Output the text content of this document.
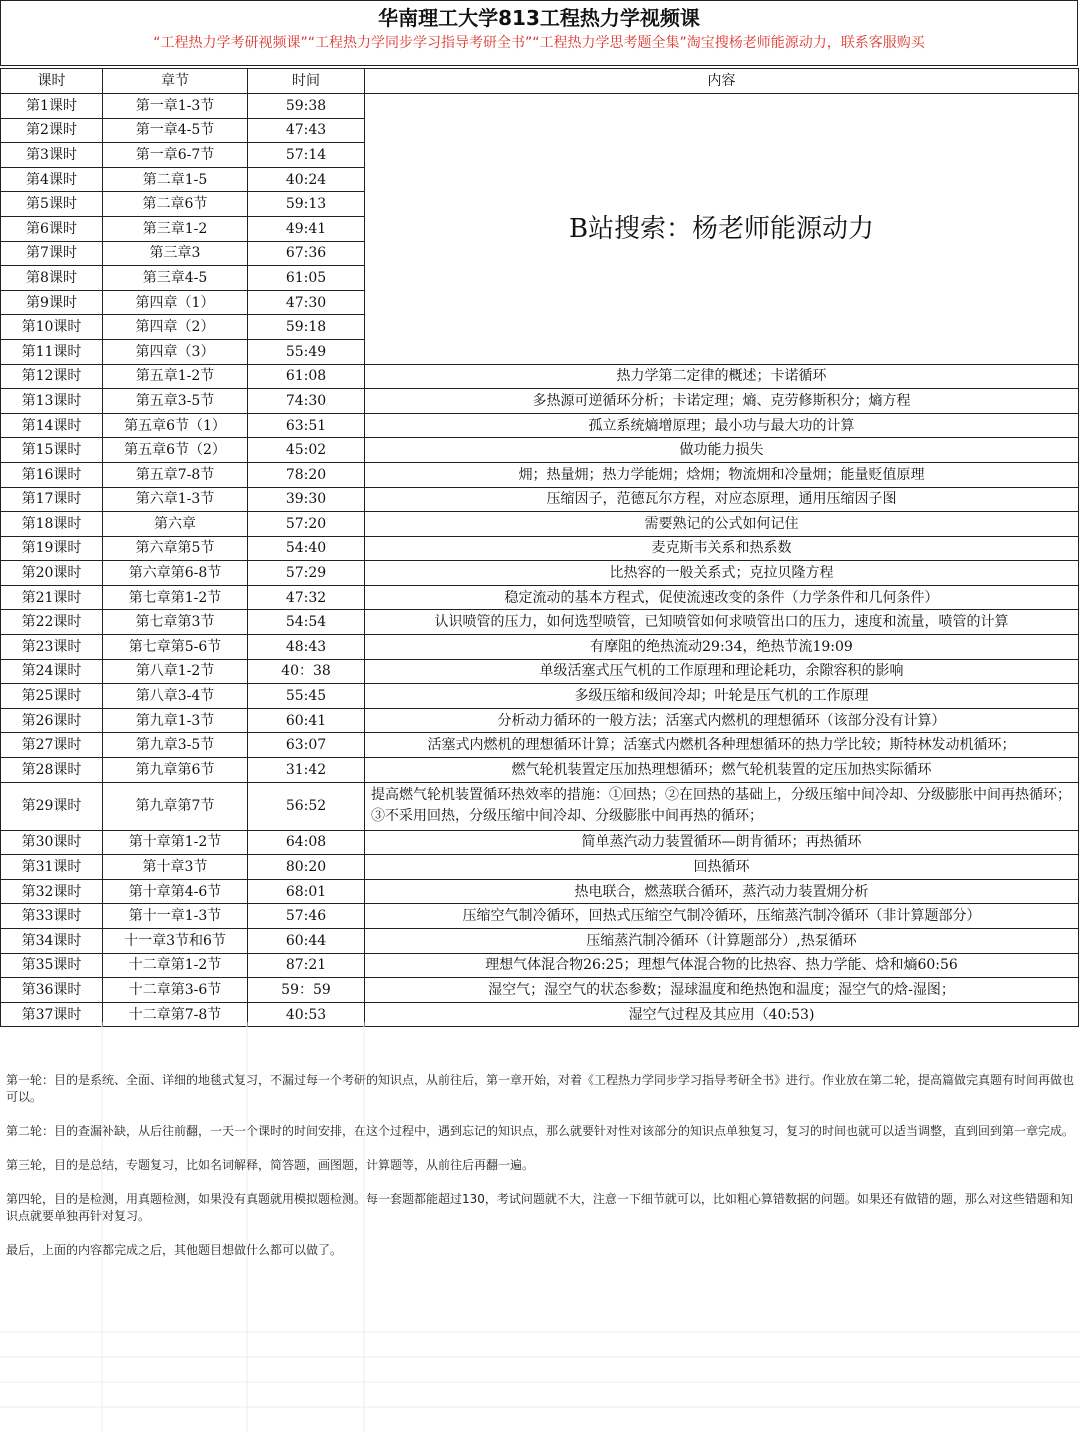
华南理工大学813工程热力学视频课
“工程热力学考研视频课”“工程热力学同步学习指导考研全书”“工程热力学思考题全集”淘宝搜杨老师能源动力，联系客服购买
课时	章节	时间	内容
第1课时	第一章1-3节	59:38	B站搜索：杨老师能源动力
第2课时	第一章4-5节	47:43	
第3课时	第一章6-7节	57:14	
第4课时	第二章1-5	40:24	
第5课时	第二章6节	59:13	
第6课时	第三章1-2	49:41	
第7课时	第三章3	67:36	
第8课时	第三章4-5	61:05	
第9课时	第四章（1）	47:30	
第10课时	第四章（2）	59:18	
第11课时	第四章（3）	55:49	
第12课时	第五章1-2节	61:08	热力学第二定律的概述；卡诺循环
第13课时	第五章3-5节	74:30	多热源可逆循环分析；卡诺定理；熵、克劳修斯积分；熵方程
第14课时	第五章6节（1）	63:51	孤立系统熵增原理；最小功与最大功的计算
第15课时	第五章6节（2）	45:02	做功能力损失
第16课时	第五章7-8节	78:20	㶲；热量㶲；热力学能㶲；焓㶲；物流㶲和冷量㶲；能量贬值原理
第17课时	第六章1-3节	39:30	压缩因子，范德瓦尔方程，对应态原理，通用压缩因子图
第18课时	第六章	57:20	需要熟记的公式如何记住
第19课时	第六章第5节	54:40	麦克斯韦关系和热系数
第20课时	第六章第6-8节	57:29	比热容的一般关系式；克拉贝隆方程
第21课时	第七章第1-2节	47:32	稳定流动的基本方程式，促使流速改变的条件（力学条件和几何条件）
第22课时	第七章第3节	54:54	认识喷管的压力，如何选型喷管，已知喷管如何求喷管出口的压力，速度和流量，喷管的计算
第23课时	第七章第5-6节	48:43	有摩阻的绝热流动29:34，绝热节流19:09
第24课时	第八章1-2节	40：38	单级活塞式压气机的工作原理和理论耗功，余隙容积的影响
第25课时	第八章3-4节	55:45	多级压缩和级间冷却；叶轮是压气机的工作原理
第26课时	第九章1-3节	60:41	分析动力循环的一般方法；活塞式内燃机的理想循环（该部分没有计算）
第27课时	第九章3-5节	63:07	活塞式内燃机的理想循环计算；活塞式内燃机各种理想循环的热力学比较；斯特林发动机循环；
第28课时	第九章第6节	31:42	燃气轮机装置定压加热理想循环；燃气轮机装置的定压加热实际循环
第29课时	第九章第7节	56:52	提高燃气轮机装置循环热效率的措施：①回热；②在回热的基础上，分级压缩中间冷却、分级膨胀中间再热循环；③不采用回热，分级压缩中间冷却、分级膨胀中间再热的循环；
第30课时	第十章第1-2节	64:08	简单蒸汽动力装置循环—朗肯循环；再热循环
第31课时	第十章3节	80:20	回热循环
第32课时	第十章第4-6节	68:01	热电联合，燃蒸联合循环，蒸汽动力装置㶲分析
第33课时	第十一章1-3节	57:46	压缩空气制冷循环，回热式压缩空气制冷循环，压缩蒸汽制冷循环（非计算题部分）
第34课时	十一章3节和6节	60:44	压缩蒸汽制冷循环（计算题部分）,热泵循环
第35课时	十二章第1-2节	87:21	理想气体混合物26:25；理想气体混合物的比热容、热力学能、焓和熵60:56
第36课时	十二章第3-6节	59：59	湿空气；湿空气的状态参数；湿球温度和绝热饱和温度；湿空气的焓-湿图；
第37课时	十二章第7-8节	40:53	湿空气过程及其应用（40:53)

第一轮：目的是系统、全面、详细的地毯式复习，不漏过每一个考研的知识点，从前往后，第一章开始，对着《工程热力学同步学习指导考研全书》进行。作业放在第二轮，提高篇做完真题有时间再做也可以。

第二轮：目的查漏补缺，从后往前翻，一天一个课时的时间安排，在这个过程中，遇到忘记的知识点，那么就要针对性对该部分的知识点单独复习，复习的时间也就可以适当调整，直到回到第一章完成。

第三轮，目的是总结，专题复习，比如名词解释，简答题，画图题，计算题等，从前往后再翻一遍。

第四轮，目的是检测，用真题检测，如果没有真题就用模拟题检测。每一套题都能超过130，考试问题就不大，注意一下细节就可以，比如粗心算错数据的问题。如果还有做错的题，那么对这些错题和知识点就要单独再针对复习。

最后，上面的内容都完成之后，其他题目想做什么都可以做了。
